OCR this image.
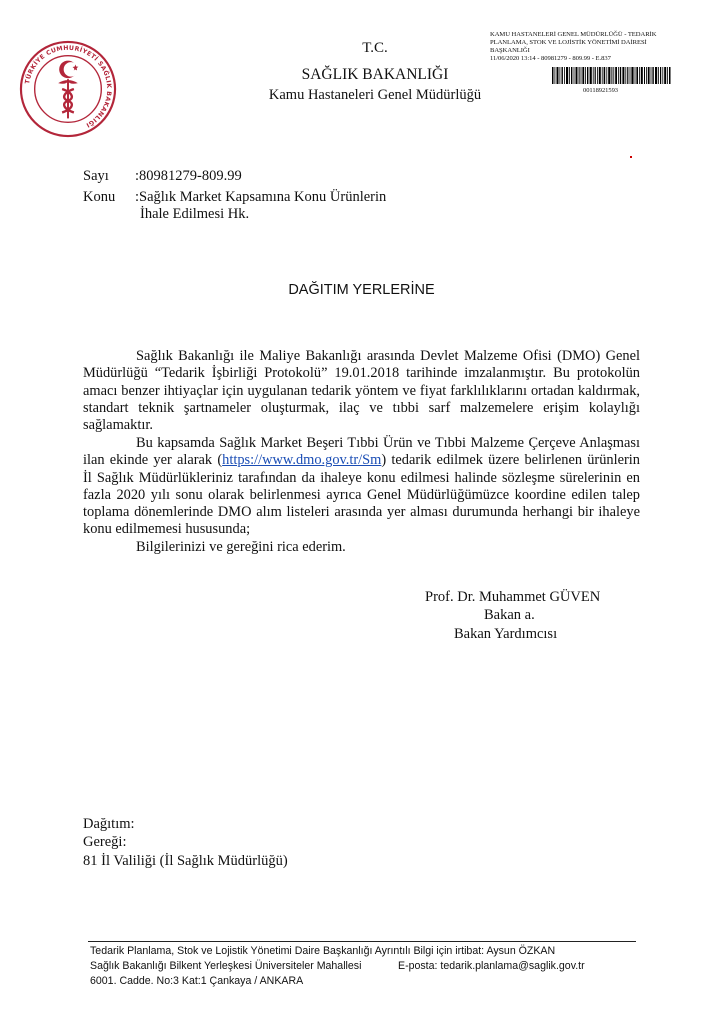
TÜRKİYE CUMHURİYETİ SAĞLIK BAKANLIĞI
T.C.
SAĞLIK BAKANLIĞI
Kamu Hastaneleri Genel Müdürlüğü
KAMU HASTANELERİ GENEL MÜDÜRLÜĞÜ - TEDARİK
PLANLAMA, STOK VE LOJİSTİK YÖNETİMİ DAİRESİ
BAŞKANLIĞI
11/06/2020 13:14 - 80981279 - 809.99 - E.837
00118921593
Sayı :80981279-809.99
Konu :Sağlık Market Kapsamına Konu Ürünlerin
İhale Edilmesi Hk.
DAĞITIM YERLERİNE
Sağlık Bakanlığı ile Maliye Bakanlığı arasında Devlet Malzeme Ofisi (DMO) Genel
Müdürlüğü “Tedarik İşbirliği Protokolü” 19.01.2018 tarihinde imzalanmıştır. Bu protokolün
amacı benzer ihtiyaçlar için uygulanan tedarik yöntem ve fiyat farklılıklarını ortadan kaldırmak,
standart teknik şartnameler oluşturmak, ilaç ve tıbbi sarf malzemelere erişim kolaylığı
sağlamaktır.
Bu kapsamda Sağlık Market Beşeri Tıbbi Ürün ve Tıbbi Malzeme Çerçeve Anlaşması
ilan ekinde yer alarak (https://www.dmo.gov.tr/Sm) tedarik edilmek üzere belirlenen ürünlerin
İl Sağlık Müdürlükleriniz tarafından da ihaleye konu edilmesi halinde sözleşme sürelerinin en
fazla 2020 yılı sonu olarak belirlenmesi ayrıca Genel Müdürlüğümüzce koordine edilen talep
toplama dönemlerinde DMO alım listeleri arasında yer alması durumunda herhangi bir ihaleye
konu edilmemesi hususunda;
Bilgilerinizi ve gereğini rica ederim.
Prof. Dr. Muhammet GÜVEN
Bakan a.
Bakan Yardımcısı
Dağıtım:
Gereği:
81 İl Valiliği (İl Sağlık Müdürlüğü)
Tedarik Planlama, Stok ve Lojistik Yönetimi Daire Başkanlığı Ayrıntılı Bilgi için irtibat: Aysun ÖZKAN
Sağlık Bakanlığı Bilkent Yerleşkesi Üniversiteler Mahallesi	E-posta: tedarik.planlama@saglik.gov.tr
6001. Cadde. No:3 Kat:1 Çankaya / ANKARA
